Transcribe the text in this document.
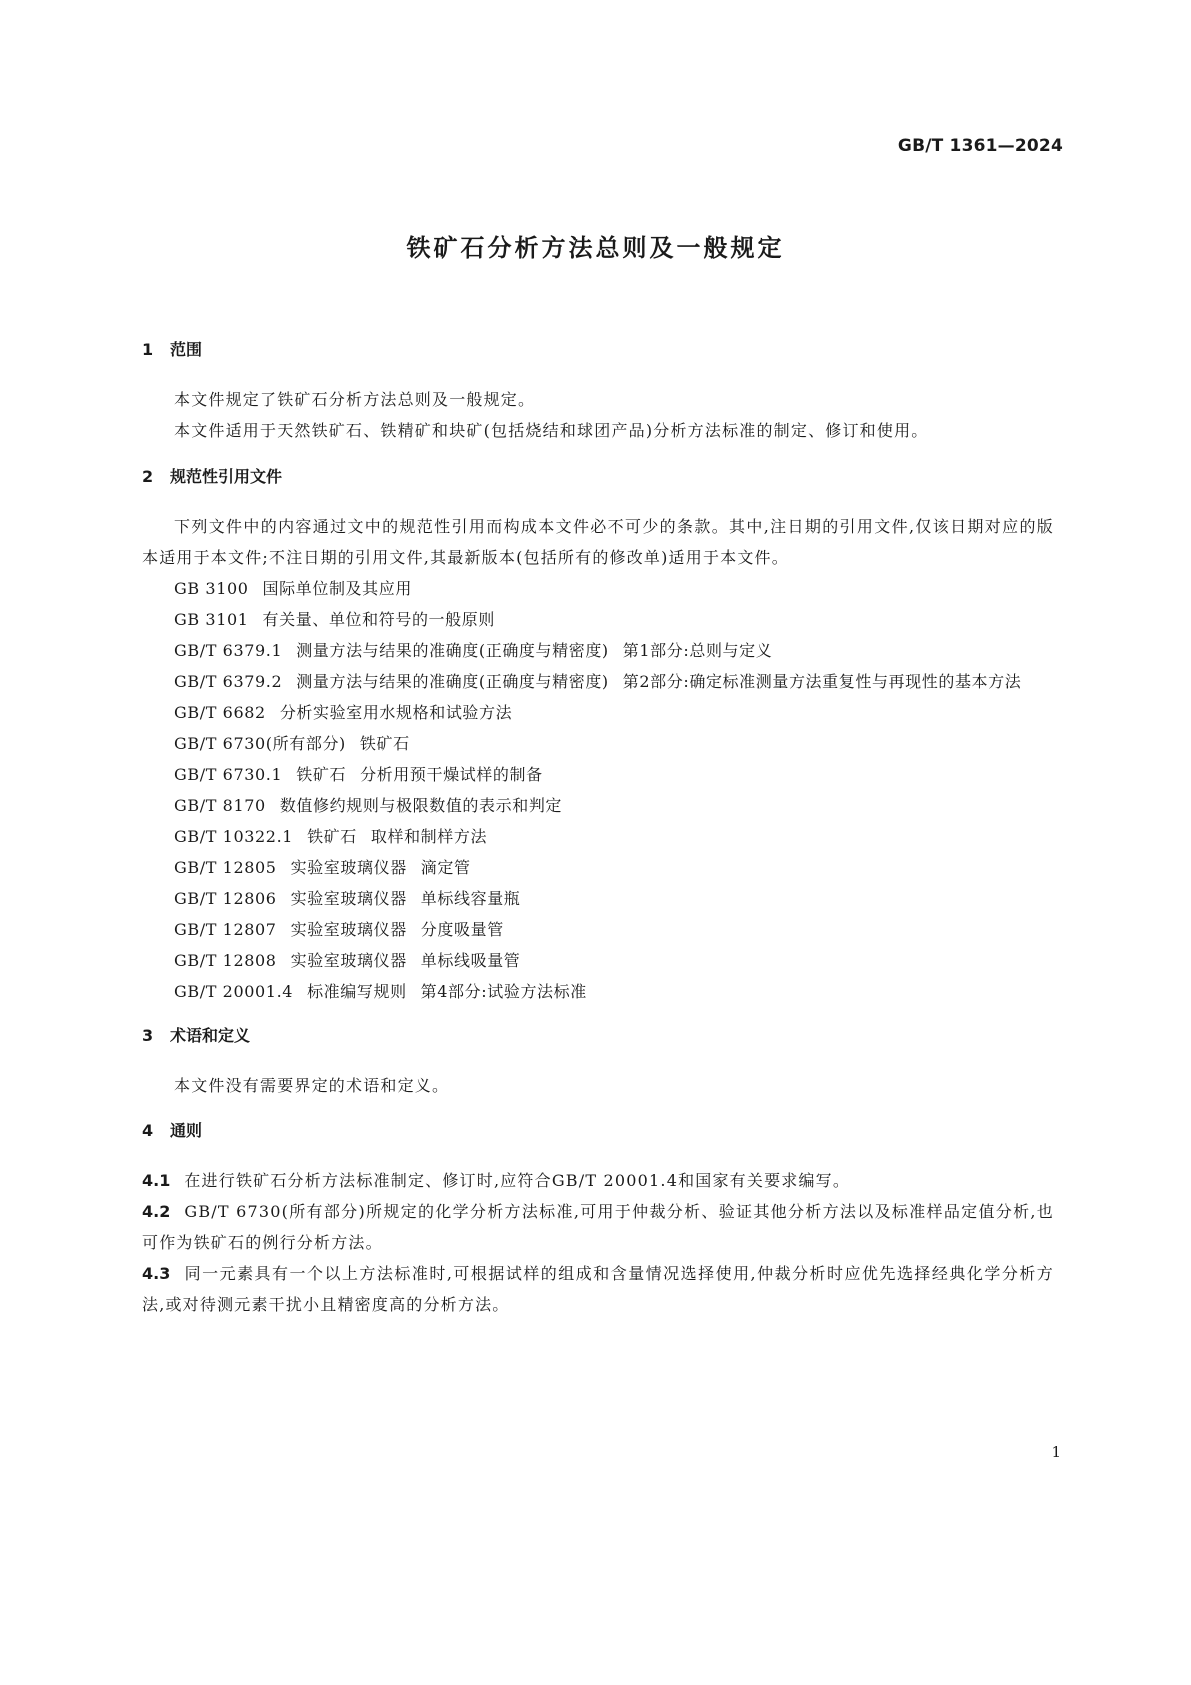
GB/T 1361—2024
铁矿石分析方法总则及一般规定
1 范围

本文件规定了铁矿石分析方法总则及一般规定。

本文件适用于天然铁矿石、铁精矿和块矿(包括烧结和球团产品)分析方法标准的制定、修订和使用。

2 规范性引用文件

下列文件中的内容通过文中的规范性引用而构成本文件必不可少的条款。其中,注日期的引用文件,仅该日期对应的版本适用于本文件;不注日期的引用文件,其最新版本(包括所有的修改单)适用于本文件。

GB 3100 国际单位制及其应用

GB 3101 有关量、单位和符号的一般原则

GB/T 6379.1 测量方法与结果的准确度(正确度与精密度) 第1部分:总则与定义

GB/T 6379.2 测量方法与结果的准确度(正确度与精密度) 第2部分:确定标准测量方法重复性与再现性的基本方法

GB/T 6682 分析实验室用水规格和试验方法

GB/T 6730(所有部分) 铁矿石

GB/T 6730.1 铁矿石 分析用预干燥试样的制备

GB/T 8170 数值修约规则与极限数值的表示和判定

GB/T 10322.1 铁矿石 取样和制样方法

GB/T 12805 实验室玻璃仪器 滴定管

GB/T 12806 实验室玻璃仪器 单标线容量瓶

GB/T 12807 实验室玻璃仪器 分度吸量管

GB/T 12808 实验室玻璃仪器 单标线吸量管

GB/T 20001.4 标准编写规则 第4部分:试验方法标准

3 术语和定义

本文件没有需要界定的术语和定义。

4 通则

4.1 在进行铁矿石分析方法标准制定、修订时,应符合GB/T 20001.4和国家有关要求编写。

4.2 GB/T 6730(所有部分)所规定的化学分析方法标准,可用于仲裁分析、验证其他分析方法以及标准样品定值分析,也可作为铁矿石的例行分析方法。

4.3 同一元素具有一个以上方法标准时,可根据试样的组成和含量情况选择使用,仲裁分析时应优先选择经典化学分析方法,或对待测元素干扰小且精密度高的分析方法。

1
